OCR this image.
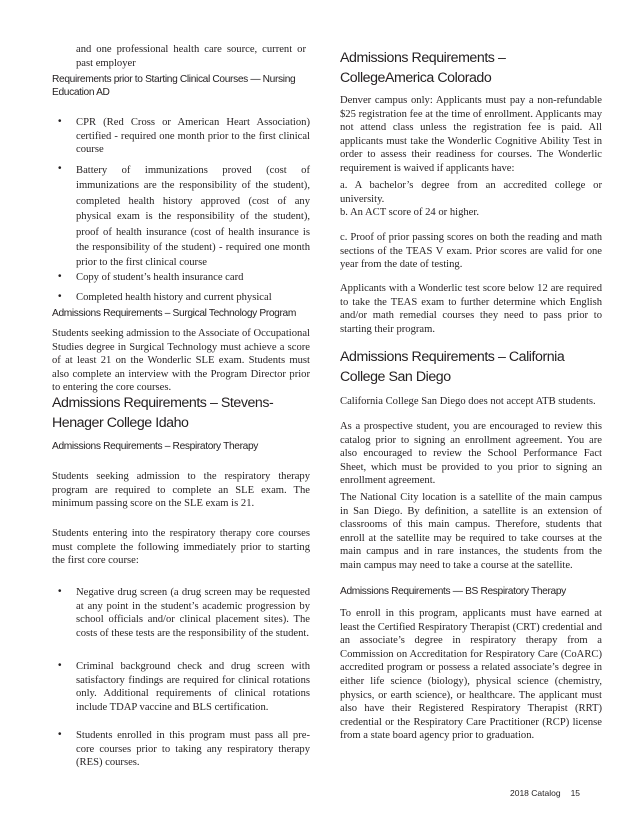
and one professional health care source, current or past employer
Requirements prior to Starting Clinical Courses — Nursing Education AD
• CPR (Red Cross or American Heart Association) certified - required one month prior to the first clinical course
• Battery of immunizations proved (cost of immunizations are the responsibility of the student), completed health history approved (cost of any physical exam is the responsibility of the student), proof of health insurance (cost of health insurance is the responsibility of the student) - required one month prior to the first clinical course
• Copy of student’s health insurance card
• Completed health history and current physical
Admissions Requirements – Surgical Technology Program
Students seeking admission to the Associate of Occupational Studies degree in Surgical Technology must achieve a score of at least 21 on the Wonderlic SLE exam. Students must also complete an interview with the Program Director prior to entering the core courses.
Admissions Requirements – Stevens-Henager College Idaho
Admissions Requirements – Respiratory Therapy
Students seeking admission to the respiratory therapy program are required to complete an SLE exam. The minimum passing score on the SLE exam is 21.
Students entering into the respiratory therapy core courses must complete the following immediately prior to starting the first core course:
• Negative drug screen (a drug screen may be requested at any point in the student’s academic progression by school officials and/or clinical placement sites). The costs of these tests are the responsibility of the student.
• Criminal background check and drug screen with satisfactory findings are required for clinical rotations only. Additional requirements of clinical rotations include TDAP vaccine and BLS certification.
• Students enrolled in this program must pass all pre-core courses prior to taking any respiratory therapy (RES) courses.
Admissions Requirements – CollegeAmerica Colorado
Denver campus only: Applicants must pay a non-refundable $25 registration fee at the time of enrollment. Applicants may not attend class unless the registration fee is paid. All applicants must take the Wonderlic Cognitive Ability Test in order to assess their readiness for courses. The Wonderlic requirement is waived if applicants have:
a. A bachelor’s degree from an accredited college or university.
b. An ACT score of 24 or higher.
c. Proof of prior passing scores on both the reading and math sections of the TEAS V exam. Prior scores are valid for one year from the date of testing.
Applicants with a Wonderlic test score below 12 are required to take the TEAS exam to further determine which English and/or math remedial courses they need to pass prior to starting their program.
Admissions Requirements – California College San Diego
California College San Diego does not accept ATB students.
As a prospective student, you are encouraged to review this catalog prior to signing an enrollment agreement. You are also encouraged to review the School Performance Fact Sheet, which must be provided to you prior to signing an enrollment agreement.
The National City location is a satellite of the main campus in San Diego. By definition, a satellite is an extension of classrooms of this main campus. Therefore, students that enroll at the satellite may be required to take courses at the main campus and in rare instances, the students from the main campus may need to take a course at the satellite.
Admissions Requirements — BS Respiratory Therapy
To enroll in this program, applicants must have earned at least the Certified Respiratory Therapist (CRT) credential and an associate’s degree in respiratory therapy from a Commission on Accreditation for Respiratory Care (CoARC) accredited program or possess a related associate’s degree in either life science (biology), physical science (chemistry, physics, or earth science), or healthcare. The applicant must also have their Registered Respiratory Therapist (RRT) credential or the Respiratory Care Practitioner (RCP) license from a state board agency prior to graduation.
2018 Catalog 15
